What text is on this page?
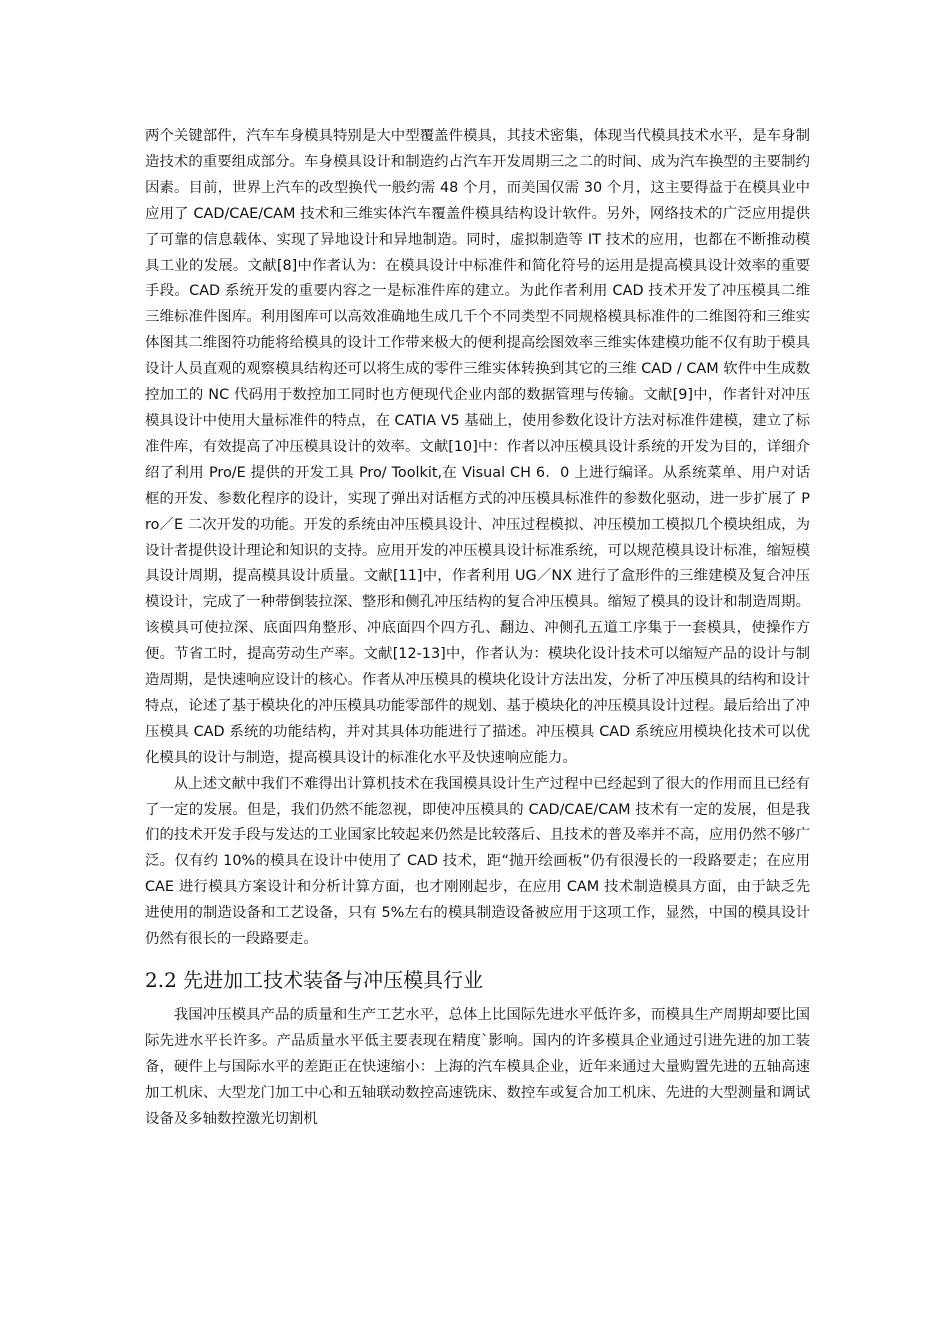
两个关键部件，汽车车身模具特别是大中型覆盖件模具，其技术密集，体现当代模具技术水平，是车身制造技术的重要组成部分。车身模具设计和制造约占汽车开发周期三之二的时间、成为汽车换型的主要制约因素。目前，世界上汽车的改型换代一般约需 48 个月，而美国仅需 30 个月，这主要得益于在模具业中应用了 CAD/CAE/CAM 技术和三维实体汽车覆盖件模具结构设计软件。另外，网络技术的广泛应用提供了可靠的信息载体、实现了异地设计和异地制造。同时，虚拟制造等 IT 技术的应用，也都在不断推动模具工业的发展。文献[8]中作者认为：在模具设计中标准件和简化符号的运用是提高模具设计效率的重要手段。CAD 系统开发的重要内容之一是标准件库的建立。为此作者利用 CAD 技术开发了冲压模具二维三维标准件图库。利用图库可以高效准确地生成几千个不同类型不同规格模具标准件的二维图符和三维实体图其二维图符功能将给模具的设计工作带来极大的便利提高绘图效率三维实体建模功能不仅有助于模具设计人员直观的观察模具结构还可以将生成的零件三维实体转换到其它的三维 CAD / CAM 软件中生成数控加工的 NC 代码用于数控加工同时也方便现代企业内部的数据管理与传输。文献[9]中，作者针对冲压模具设计中使用大量标准件的特点，在 CATIA V5 基础上，使用参数化设计方法对标准件建模，建立了标准件库，有效提高了冲压模具设计的效率。文献[10]中：作者以冲压模具设计系统的开发为目的，详细介绍了利用 Pro/E 提供的开发工具 Pro/ Toolkit,在 Visual CH 6．0 上进行编译。从系统菜单、用户对话框的开发、参数化程序的设计，实现了弹出对话框方式的冲压模具标准件的参数化驱动，进一步扩展了 Pro／E 二次开发的功能。开发的系统由冲压模具设计、冲压过程模拟、冲压模加工模拟几个模块组成，为设计者提供设计理论和知识的支持。应用开发的冲压模具设计标准系统，可以规范模具设计标准，缩短模具设计周期，提高模具设计质量。文献[11]中，作者利用 UG／NX 进行了盒形件的三维建模及复合冲压模设计，完成了一种带倒装拉深、整形和侧孔冲压结构的复合冲压模具。缩短了模具的设计和制造周期。该模具可使拉深、底面四角整形、冲底面四个四方孔、翻边、冲侧孔五道工序集于一套模具，使操作方便。节省工时，提高劳动生产率。文献[12-13]中，作者认为：模块化设计技术可以缩短产品的设计与制造周期，是快速响应设计的核心。作者从冲压模具的模块化设计方法出发，分析了冲压模具的结构和设计特点，论述了基于模块化的冲压模具功能零部件的规划、基于模块化的冲压模具设计过程。最后给出了冲压模具 CAD 系统的功能结构，并对其具体功能进行了描述。冲压模具 CAD 系统应用模块化技术可以优化模具的设计与制造，提高模具设计的标准化水平及快速响应能力。

从上述文献中我们不难得出计算机技术在我国模具设计生产过程中已经起到了很大的作用而且已经有了一定的发展。但是，我们仍然不能忽视，即使冲压模具的 CAD/CAE/CAM 技术有一定的发展，但是我们的技术开发手段与发达的工业国家比较起来仍然是比较落后、且技术的普及率并不高，应用仍然不够广泛。仅有约 10%的模具在设计中使用了 CAD 技术，距“抛开绘画板”仍有很漫长的一段路要走；在应用 CAE 进行模具方案设计和分析计算方面，也才刚刚起步，在应用 CAM 技术制造模具方面，由于缺乏先进使用的制造设备和工艺设备，只有 5%左右的模具制造设备被应用于这项工作，显然，中国的模具设计仍然有很长的一段路要走。

2.2 先进加工技术装备与冲压模具行业

我国冲压模具产品的质量和生产工艺水平，总体上比国际先进水平低许多，而模具生产周期却要比国际先进水平长许多。产品质量水平低主要表现在精度`影响。国内的许多模具企业通过引进先进的加工装备，硬件上与国际水平的差距正在快速缩小：上海的汽车模具企业，近年来通过大量购置先进的五轴高速加工机床、大型龙门加工中心和五轴联动数控高速铣床、数控车或复合加工机床、先进的大型测量和调试设备及多轴数控激光切割机
